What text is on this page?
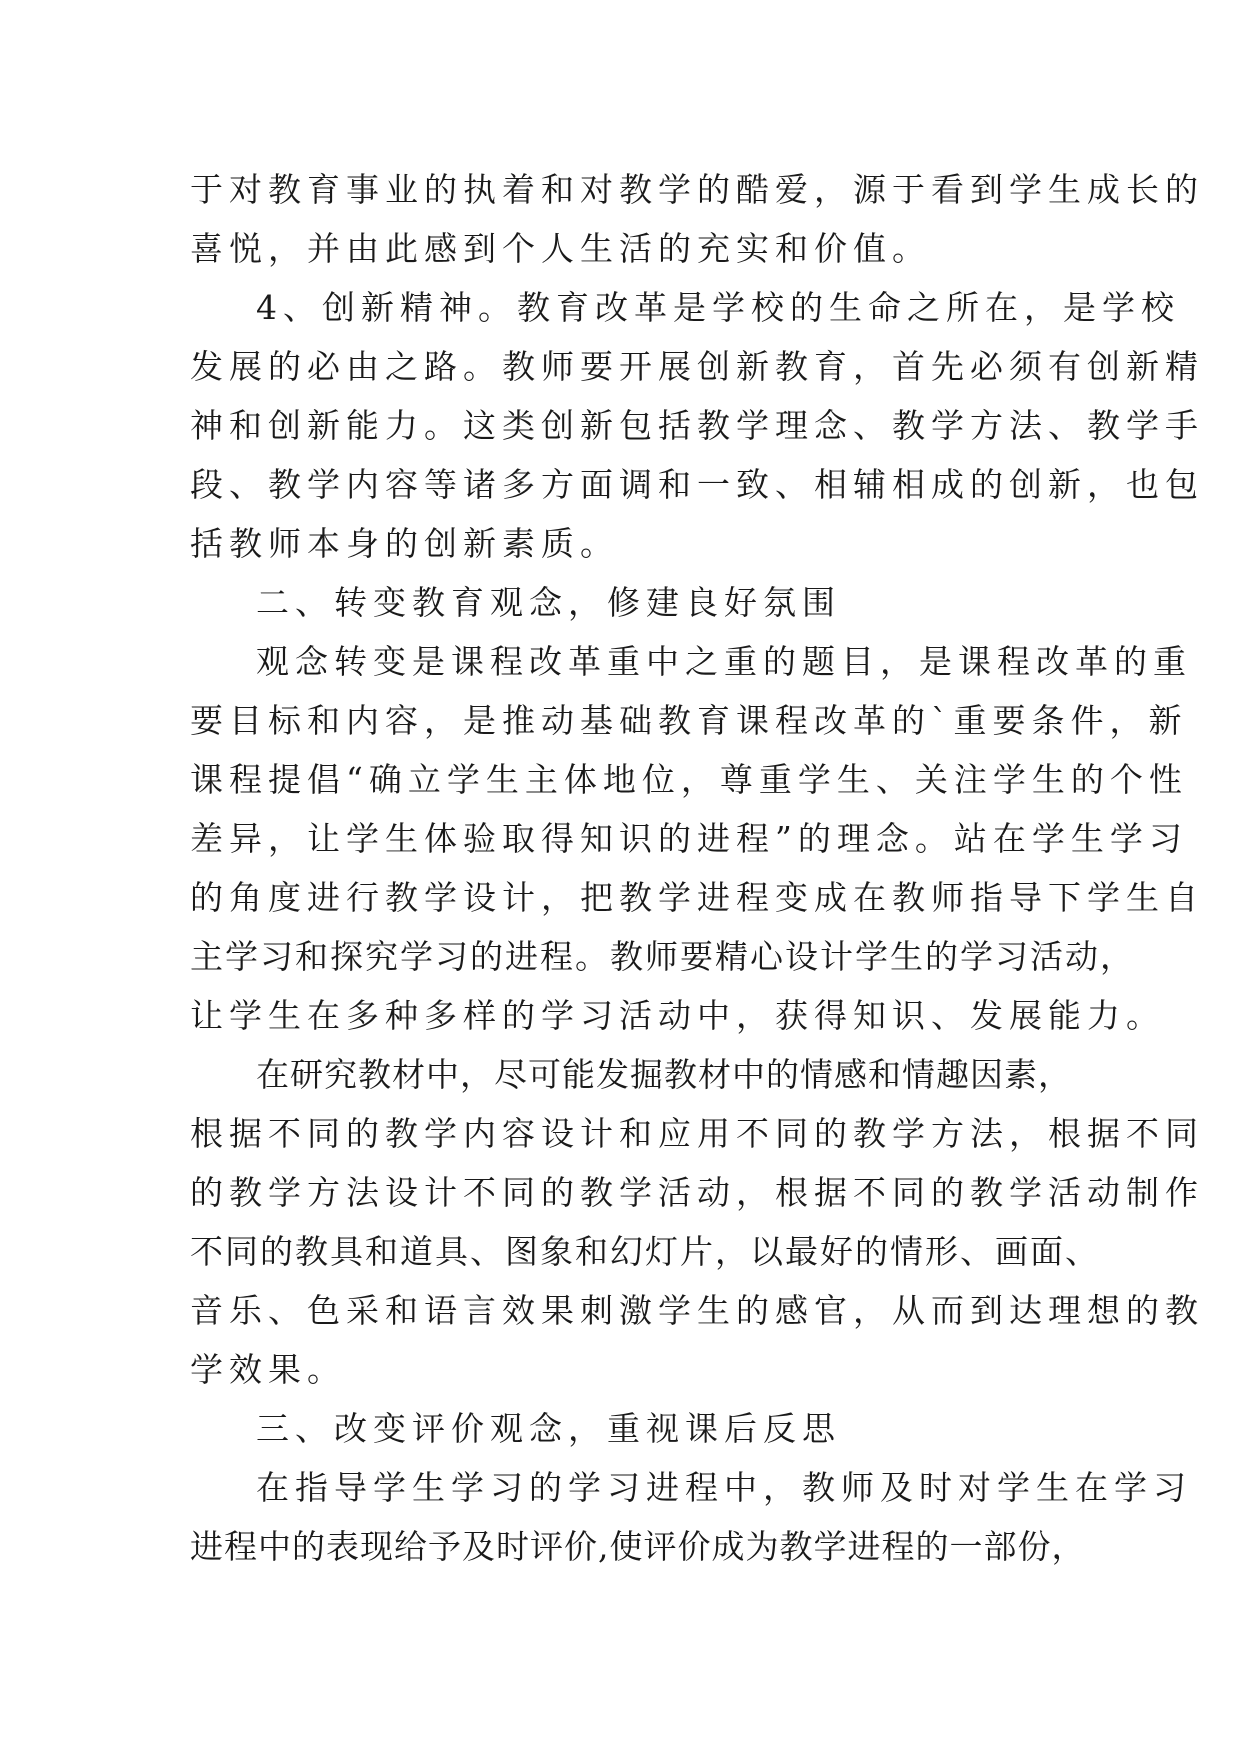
于对教育事业的执着和对教学的酷爱，源于看到学生成长的
喜悦，并由此感到个人生活的充实和价值。
4、创新精神。教育改革是学校的生命之所在，是学校
发展的必由之路。教师要开展创新教育，首先必须有创新精
神和创新能力。这类创新包括教学理念、教学方法、教学手
段、教学内容等诸多方面调和一致、相辅相成的创新，也包
括教师本身的创新素质。
二、转变教育观念，修建良好氛围
观念转变是课程改革重中之重的题目，是课程改革的重
要目标和内容，是推动基础教育课程改革的`重要条件，新
课程提倡“确立学生主体地位，尊重学生、关注学生的个性
差异，让学生体验取得知识的进程”的理念。站在学生学习
的角度进行教学设计，把教学进程变成在教师指导下学生自
主学习和探究学习的进程。教师要精心设计学生的学习活动，
让学生在多种多样的学习活动中，获得知识、发展能力。
在研究教材中，尽可能发掘教材中的情感和情趣因素，
根据不同的教学内容设计和应用不同的教学方法，根据不同
的教学方法设计不同的教学活动，根据不同的教学活动制作
不同的教具和道具、图象和幻灯片，以最好的情形、画面、
音乐、色采和语言效果刺激学生的感官，从而到达理想的教
学效果。
三、改变评价观念，重视课后反思
在指导学生学习的学习进程中，教师及时对学生在学习
进程中的表现给予及时评价,使评价成为教学进程的一部份，
